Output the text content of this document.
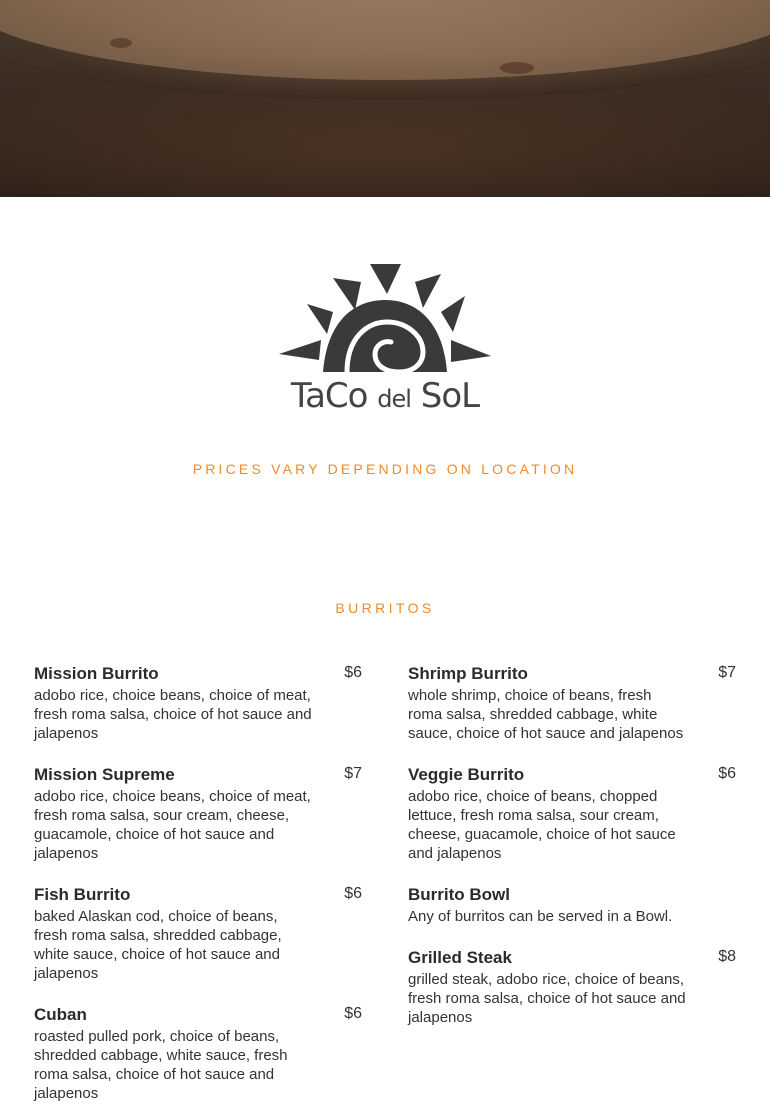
TaCo del SoL
PRICES VARY DEPENDING ON LOCATION
BURRITOS
Mission Burrito	$6
adobo rice, choice beans, choice of meat, fresh roma salsa, choice of hot sauce and jalapenos
Mission Supreme	$7
adobo rice, choice beans, choice of meat, fresh roma salsa, sour cream, cheese, guacamole, choice of hot sauce and jalapenos
Fish Burrito	$6
baked Alaskan cod, choice of beans, fresh roma salsa, shredded cabbage, white sauce, choice of hot sauce and jalapenos
Cuban	$6
roasted pulled pork, choice of beans, shredded cabbage, white sauce, fresh roma salsa, choice of hot sauce and jalapenos
Shrimp Burrito	$7
whole shrimp, choice of beans, fresh roma salsa, shredded cabbage, white sauce, choice of hot sauce and jalapenos
Veggie Burrito	$6
adobo rice, choice of beans, chopped lettuce, fresh roma salsa, sour cream, cheese, guacamole, choice of hot sauce and jalapenos
Burrito Bowl
Any of burritos can be served in a Bowl.
Grilled Steak	$8
grilled steak, adobo rice, choice of beans, fresh roma salsa, choice of hot sauce and jalapenos
